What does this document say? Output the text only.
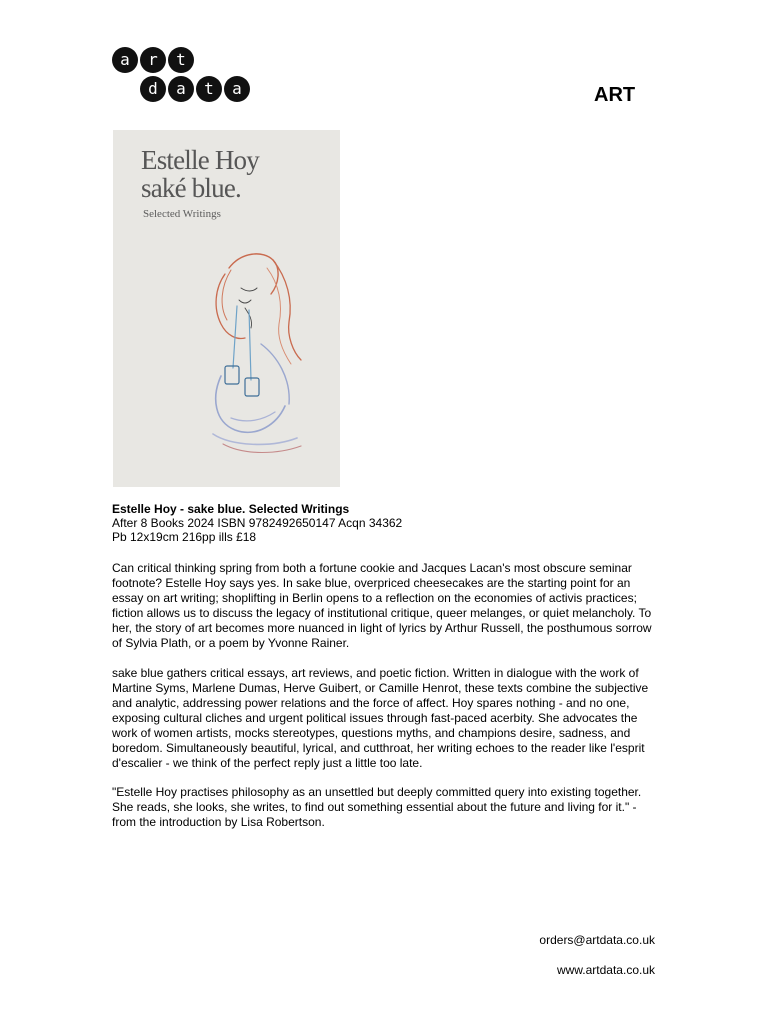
a	r	t
d	a	t	a	ART
Estelle Hoy
saké blue.
Selected Writings
Estelle Hoy - sake blue. Selected Writings
After 8 Books 2024 ISBN 9782492650147 Acqn 34362
Pb 12x19cm 216pp ills £18

Can critical thinking spring from both a fortune cookie and Jacques Lacan's most obscure seminar footnote? Estelle Hoy says yes. In sake blue, overpriced cheesecakes are the starting point for an essay on art writing; shoplifting in Berlin opens to a reflection on the economies of activis practices; fiction allows us to discuss the legacy of institutional critique, queer melanges, or quiet melancholy. To her, the story of art becomes more nuanced in light of lyrics by Arthur Russell, the posthumous sorrow of Sylvia Plath, or a poem by Yvonne Rainer.

sake blue gathers critical essays, art reviews, and poetic fiction. Written in dialogue with the work of Martine Syms, Marlene Dumas, Herve Guibert, or Camille Henrot, these texts combine the subjective and analytic, addressing power relations and the force of affect. Hoy spares nothing - and no one, exposing cultural cliches and urgent political issues through fast-paced acerbity. She advocates the work of women artists, mocks stereotypes, questions myths, and champions desire, sadness, and boredom. Simultaneously beautiful, lyrical, and cutthroat, her writing echoes to the reader like l'esprit d'escalier - we think of the perfect reply just a little too late.

"Estelle Hoy practises philosophy as an unsettled but deeply committed query into existing together. She reads, she looks, she writes, to find out something essential about the future and living for it." - from the introduction by Lisa Robertson.

orders@artdata.co.uk
www.artdata.co.uk
